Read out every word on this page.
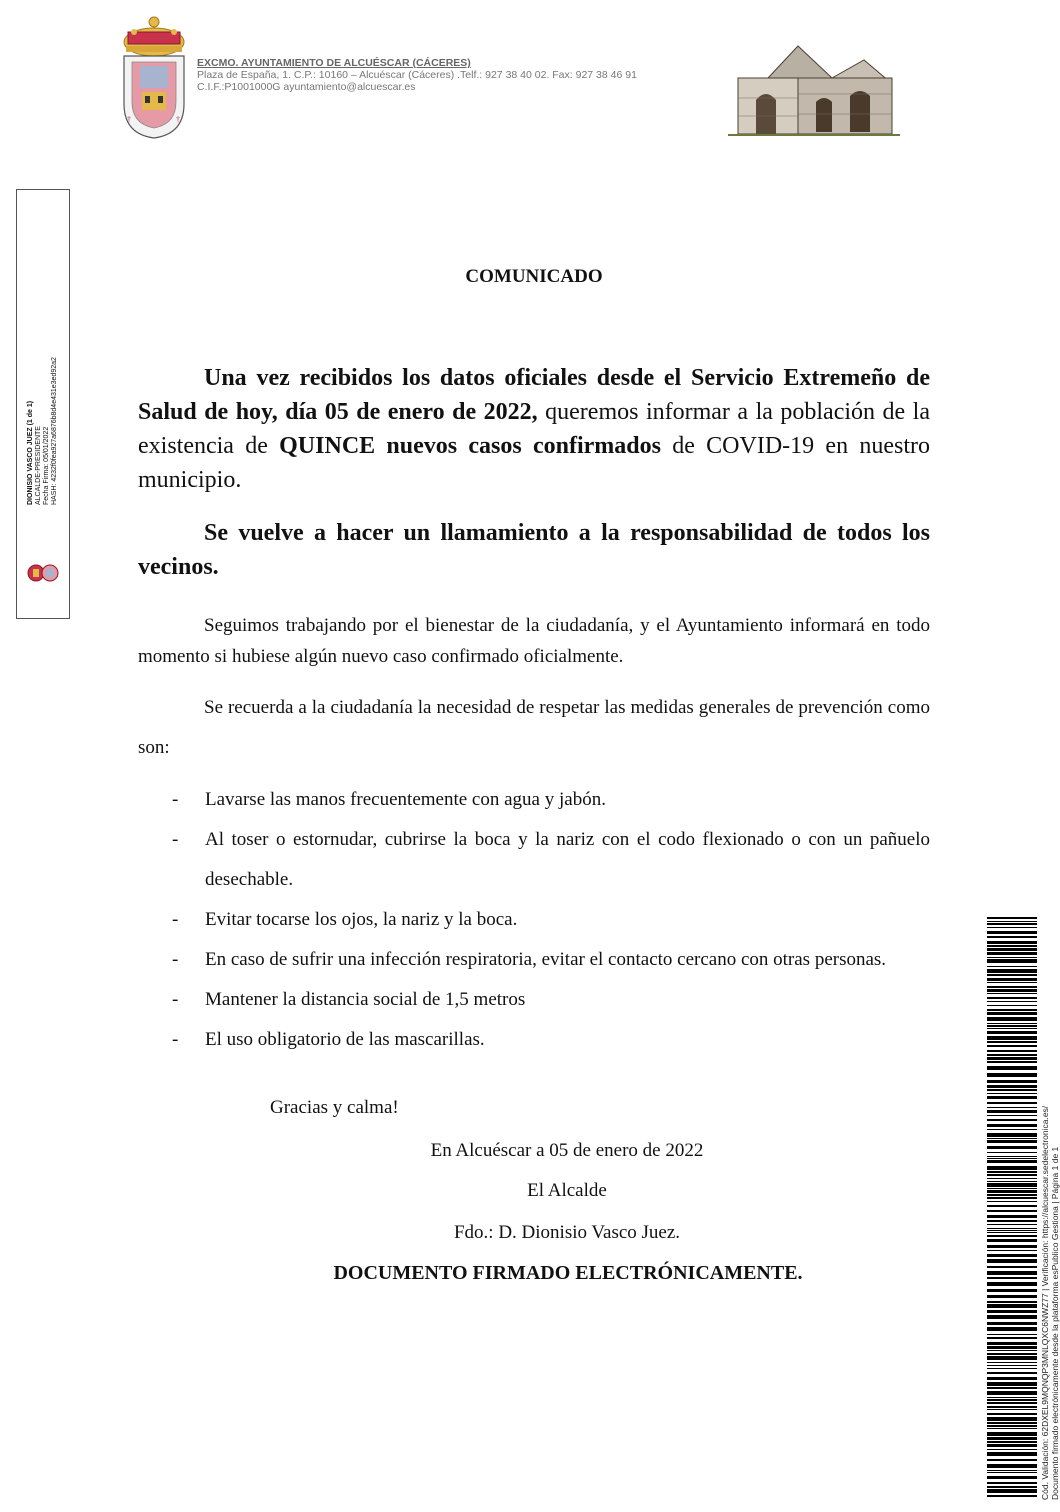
†	†
EXCMO. AYUNTAMIENTO DE ALCUÉSCAR (CÁCERES)
Plaza de España, 1. C.P.: 10160 – Alcuéscar (Cáceres) .Telf.: 927 38 40 02. Fax: 927 38 46 91
C.I.F.:P1001000G ayuntamiento@alcuescar.es
DIONISIO VASCO JUEZ (1 de 1) ALCALDE-PRESIDENTE Fecha Firma: 05/01/2022 HASH: 4232f0fea927a6876b8d4e431e3ed92a2
Cód. Validación: 62DXEL9MQNQP3MNLQXC6NWZ77 | Verificación: https://alcuescar.sedelectronica.es/ Documento firmado electrónicamente desde la plataforma esPublico Gestiona | Página 1 de 1
COMUNICADO

Una vez recibidos los datos oficiales desde el Servicio Extremeño de Salud de hoy, día 05 de enero de 2022, queremos informar a la población de la existencia de QUINCE nuevos casos confirmados de COVID-19 en nuestro municipio.

Se vuelve a hacer un llamamiento a la responsabilidad de todos los vecinos.

Seguimos trabajando por el bienestar de la ciudadanía, y el Ayuntamiento informará en todo momento si hubiese algún nuevo caso confirmado oficialmente.

Se recuerda a la ciudadanía la necesidad de respetar las medidas generales de prevención como son:

- Lavarse las manos frecuentemente con agua y jabón.
- Al toser o estornudar, cubrirse la boca y la nariz con el codo flexionado o con un pañuelo desechable.
- Evitar tocarse los ojos, la nariz y la boca.
- En caso de sufrir una infección respiratoria, evitar el contacto cercano con otras personas.
- Mantener la distancia social de 1,5 metros
- El uso obligatorio de las mascarillas.
Gracias y calma!
En Alcuéscar a 05 de enero de 2022
El Alcalde
Fdo.: D. Dionisio Vasco Juez.
DOCUMENTO FIRMADO ELECTRÓNICAMENTE.
